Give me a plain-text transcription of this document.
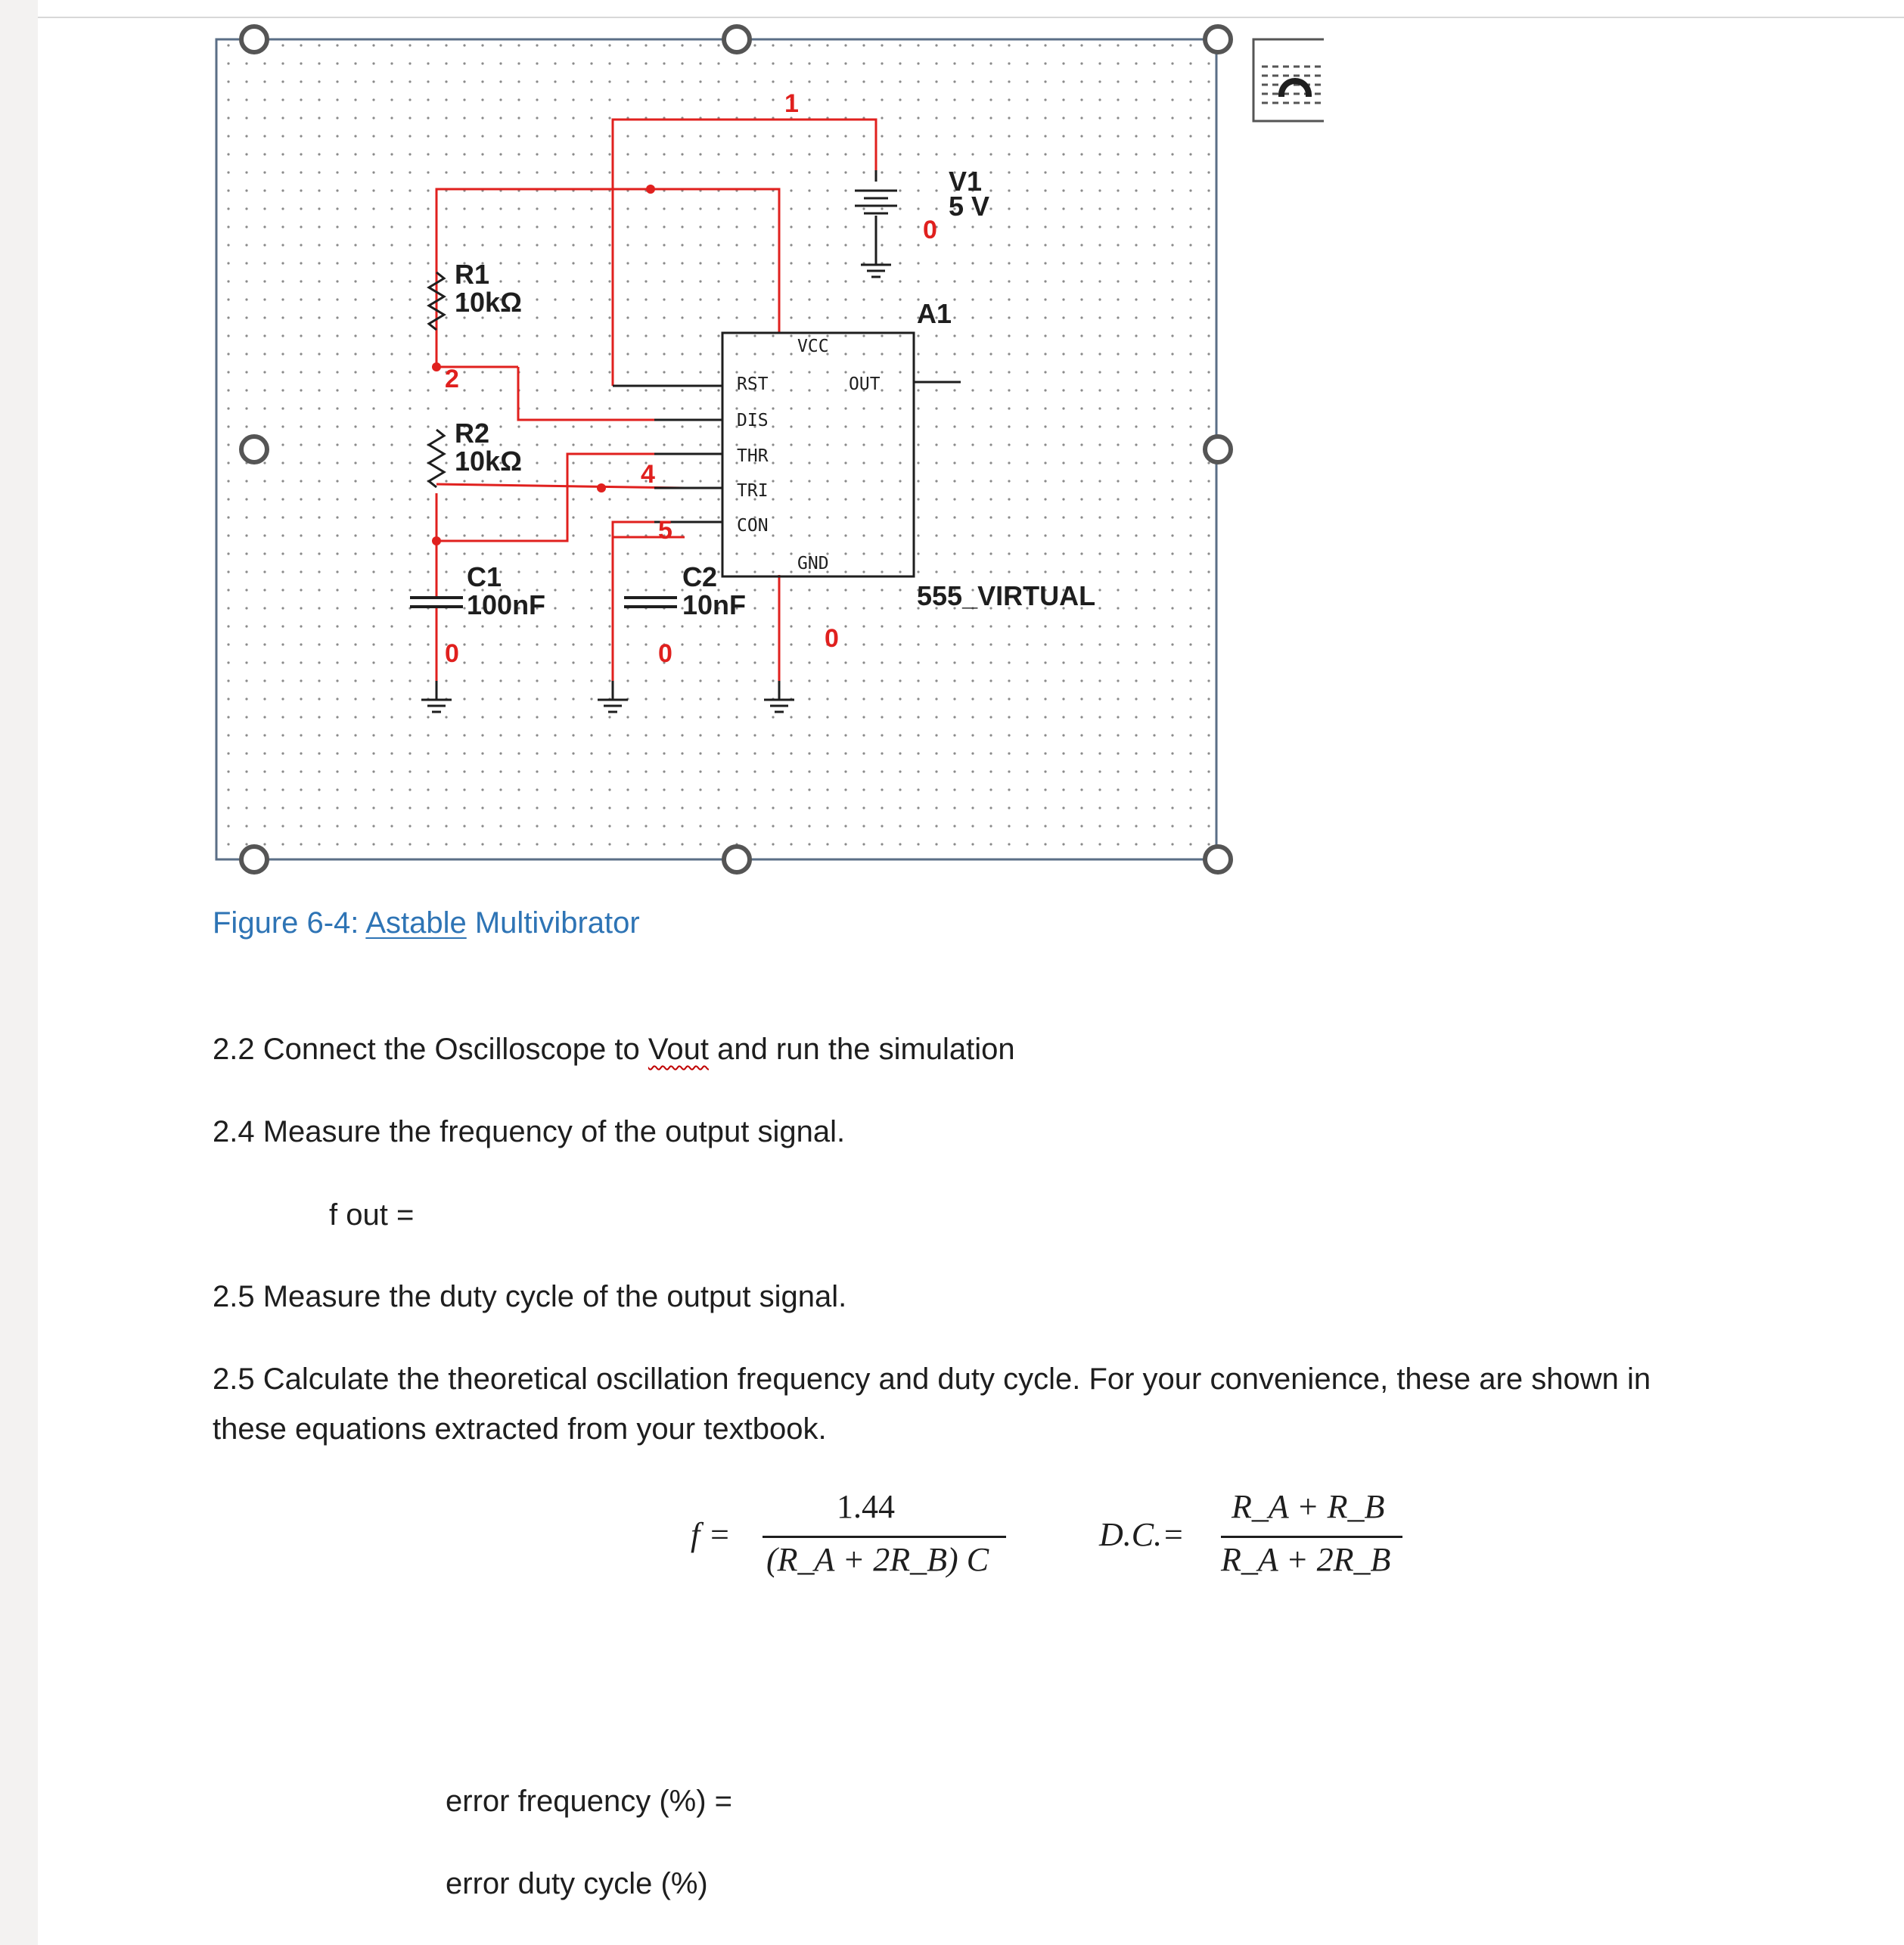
VCC
RST	OUT
DIS
THR
TRI
CON
GND
R1
10kΩ
R2
10kΩ
C1
100nF
C2
10nF
V1
5 V
A1
555_VIRTUAL
1
2
4
5
0
0	0
0
Figure 6-4: Astable Multivibrator
2.2 Connect the Oscilloscope to Vout and run the simulation
2.4 Measure the frequency of the output signal.
f out =
2.5 Measure the duty cycle of the output signal.
2.5 Calculate the theoretical oscillation frequency and duty cycle. For your convenience, these are shown in
these equations extracted from your textbook.
f =
1.44
(R_A + 2R_B) C
D.C.=
R_A + R_B
R_A + 2R_B
error frequency (%) =
error duty cycle (%)
